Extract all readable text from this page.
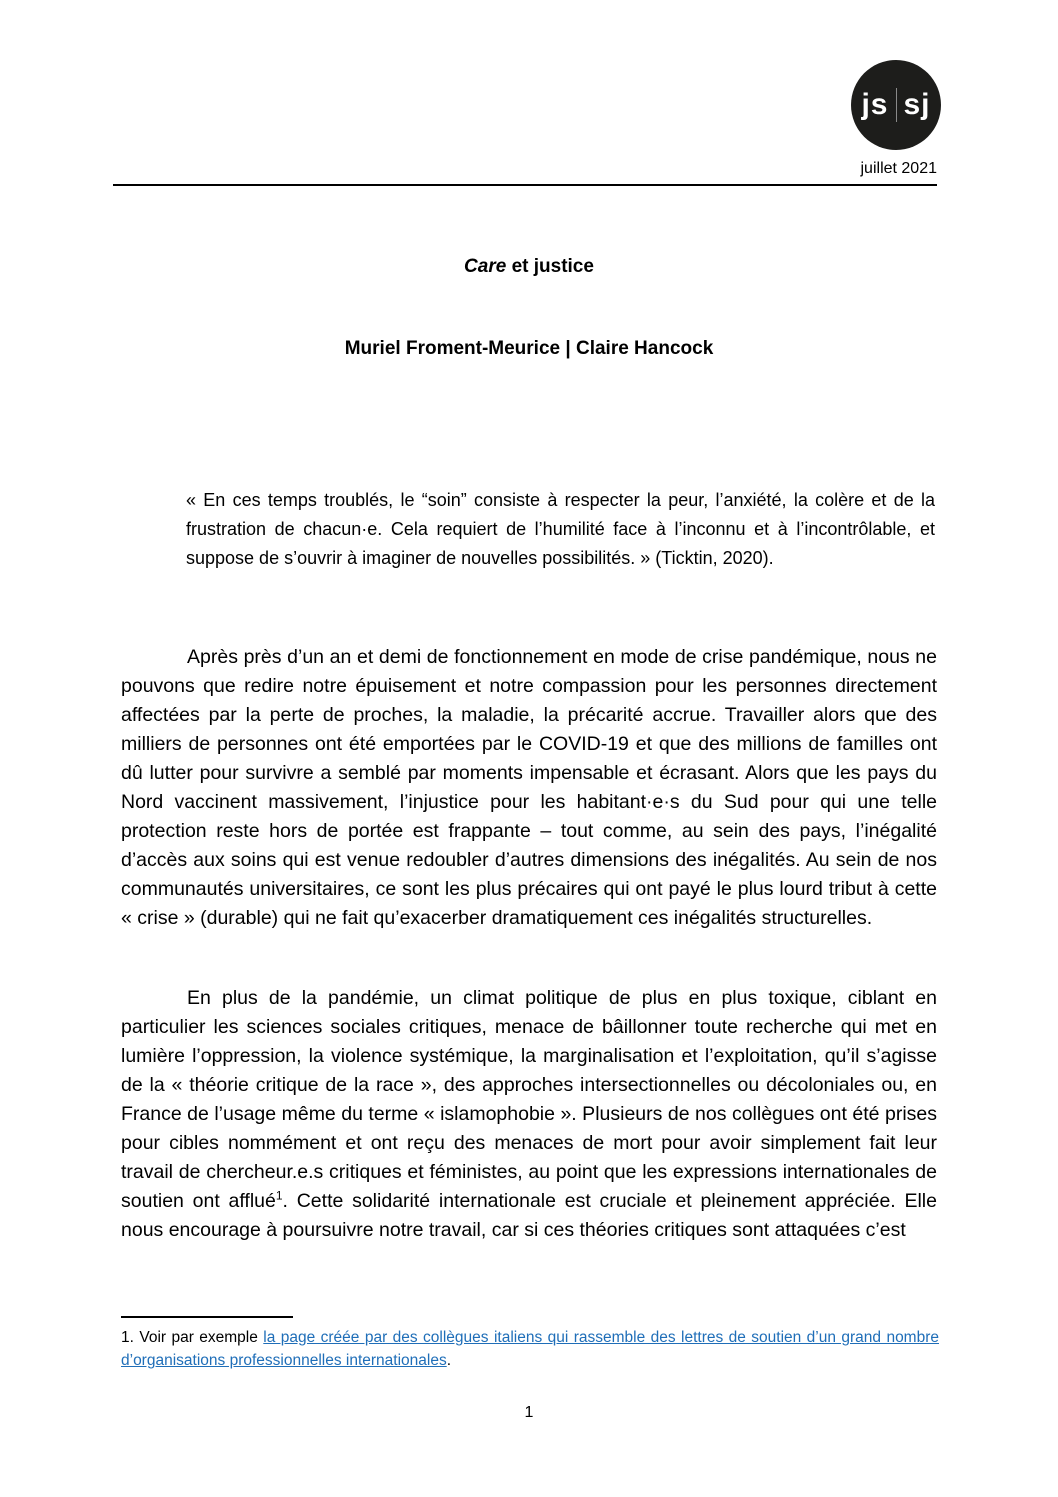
js sj
juillet 2021
Care et justice
Muriel Froment-Meurice | Claire Hancock
« En ces temps troublés, le “soin” consiste à respecter la peur, l’anxiété, la colère et de la frustration de chacun·e. Cela requiert de l’humilité face à l’inconnu et à l’incontrôlable, et suppose de s’ouvrir à imaginer de nouvelles possibilités. » (Ticktin, 2020).
Après près d’un an et demi de fonctionnement en mode de crise pandémique, nous ne pouvons que redire notre épuisement et notre compassion pour les personnes directement affectées par la perte de proches, la maladie, la précarité accrue. Travailler alors que des milliers de personnes ont été emportées par le COVID-19 et que des millions de familles ont dû lutter pour survivre a semblé par moments impensable et écrasant. Alors que les pays du Nord vaccinent massivement, l’injustice pour les habitant·e·s du Sud pour qui une telle protection reste hors de portée est frappante – tout comme, au sein des pays, l’inégalité d’accès aux soins qui est venue redoubler d’autres dimensions des inégalités. Au sein de nos communautés universitaires, ce sont les plus précaires qui ont payé le plus lourd tribut à cette « crise » (durable) qui ne fait qu’exacerber dramatiquement ces inégalités structurelles.
En plus de la pandémie, un climat politique de plus en plus toxique, ciblant en particulier les sciences sociales critiques, menace de bâillonner toute recherche qui met en lumière l’oppression, la violence systémique, la marginalisation et l’exploitation, qu’il s’agisse de la « théorie critique de la race », des approches intersectionnelles ou décoloniales ou, en France de l’usage même du terme « islamophobie ». Plusieurs de nos collègues ont été prises pour cibles nommément et ont reçu des menaces de mort pour avoir simplement fait leur travail de chercheur.e.s critiques et féministes, au point que les expressions internationales de soutien ont afflué$^1$. Cette solidarité internationale est cruciale et pleinement appréciée. Elle nous encourage à poursuivre notre travail, car si ces théories critiques sont attaquées c’est
1. Voir par exemple la page créée par des collègues italiens qui rassemble des lettres de soutien d’un grand nombre d’organisations professionnelles internationales.
1
